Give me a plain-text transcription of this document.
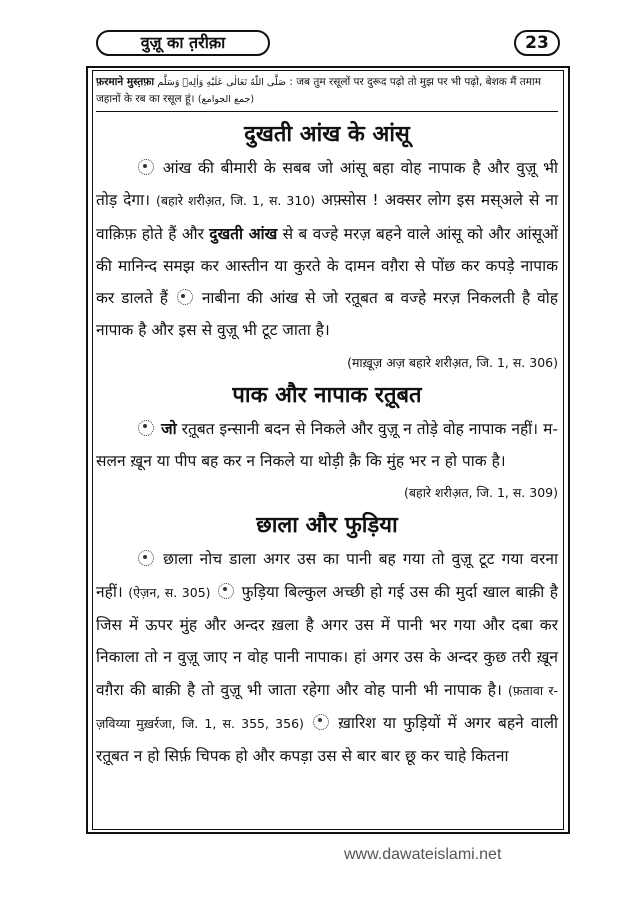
वुज़ू का त़रीक़ा	23
फ़रमाने मुस्त़फ़ा صَلَّى اللّٰهُ تَعَالٰى عَلَيْهِ وَاٰلِهٖ وَسَلَّم : जब तुम रसूलों पर दुरूद पढ़ो तो मुझ पर भी पढ़ो, बेशक मैं तमाम जहानों के रब का रसूल हूं। (جمع الجوامع)
दुखती आंख के आंसू

आंख की बीमारी के सबब जो आंसू बहा वोह नापाक है और वुज़ू भी तोड़ देगा। (बहारे शरीअ़त, जि. 1, स. 310) अफ़्सोस ! अक्सर लोग इस मस्अले से ना वाक़िफ़ होते हैं और दुखती आंख से ब वज्हे मरज़ बहने वाले आंसू को और आंसूओं की मानिन्द समझ कर आस्तीन या कुरते के दामन वग़ैरा से पोंछ कर कपड़े नापाक कर डालते हैं नाबीना की आंख से जो रत़ूबत ब वज्हे मरज़ निकलती है वोह नापाक है और इस से वुज़ू भी टूट जाता है।

(माख़ूज़ अज़ बहारे शरीअ़त, जि. 1, स. 306)
पाक और नापाक रत़ूबत

जो रत़ूबत इन्सानी बदन से निकले और वुज़ू न तोड़े वोह नापाक नहीं। म-सलन ख़ून या पीप बह कर न निकले या थोड़ी कै़ कि मुंह भर न हो पाक है।

(बहारे शरीअ़त, जि. 1, स. 309)
छाला और फुड़िया

छाला नोच डाला अगर उस का पानी बह गया तो वुज़ू टूट गया वरना नहीं। (ऐज़न, स. 305) फुड़िया बिल्कुल अच्छी हो गई उस की मुर्दा खाल बाक़ी है जिस में ऊपर मुंह और अन्दर ख़ला है अगर उस में पानी भर गया और दबा कर निकाला तो न वुज़ू जाए न वोह पानी नापाक। हां अगर उस के अन्दर कुछ तरी ख़ून वग़ैरा की बाक़ी है तो वुज़ू भी जाता रहेगा और वोह पानी भी नापाक है। (फ़तावा र-ज़विय्या मुख़र्रजा, जि. 1, स. 355, 356) ख़ारिश या फुड़ियों में अगर बहने वाली रत़ूबत न हो सिर्फ़ चिपक हो और कपड़ा उस से बार बार छू कर चाहे कितना

www.dawateislami.net
